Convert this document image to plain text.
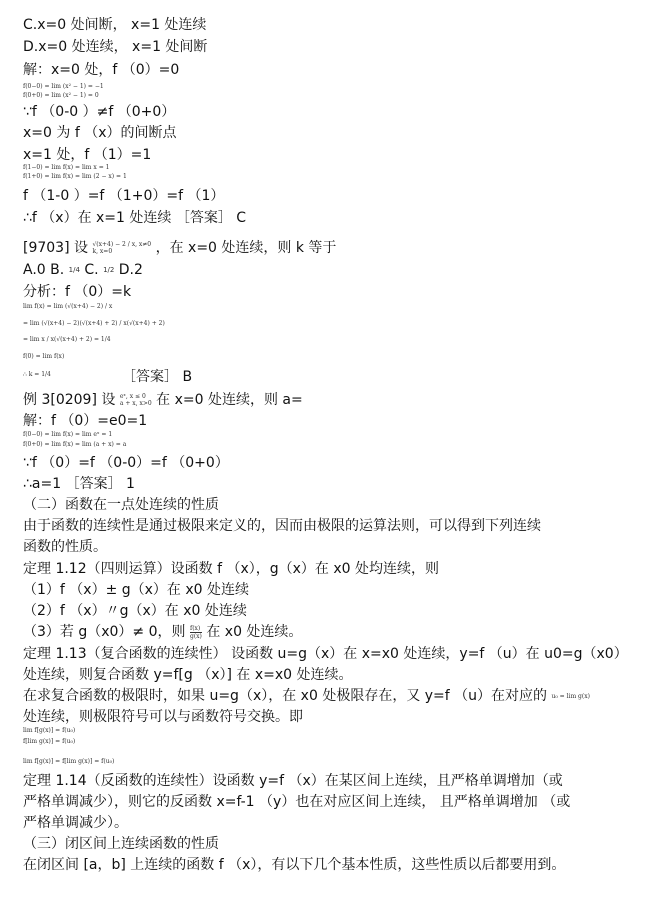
C.x=0 处间断， x=1 处连续
D.x=0 处连续， x=1 处间断
解：x=0 处，f （0）=0
f(0−0) = lim (x² − 1) = −1
f(0+0) = lim (x² − 1) = 0
∵f （0-0 ）≠f （0+0）
x=0 为 f （x）的间断点
x=1 处，f （1）=1
f(1−0) = lim f(x) = lim x = 1
f(1+0) = lim f(x) = lim (2 − x) = 1
f （1-0 ）=f （1+0）=f （1）
∴f （x）在 x=1 处连续 ［答案］ C
[9703] 设 √(x+4) − 2 / x, x≠0
k, x=0	，在 x=0 处连续，则 k 等于
A.0 B. 1/4 C. 1/2 D.2
分析：f （0）=k
lim f(x) = lim (√(x+4) − 2) / x
= lim (√(x+4) − 2)(√(x+4) + 2) / x(√(x+4) + 2)
= lim x / x(√(x+4) + 2) = 1/4
f(0) = lim f(x)
∴ k = 1/4	［答案］ B
例 3[0209] 设 eˣ, x ≤ 0
a + x, x>0 在 x=0 处连续，则 a=
解：f （0）=e0=1
f(0−0) = lim f(x) = lim eˣ = 1
f(0+0) = lim f(x) = lim (a + x) = a
∵f （0）=f （0-0）=f （0+0）
∴a=1 ［答案］ 1
（二）函数在一点处连续的性质
由于函数的连续性是通过极限来定义的，因而由极限的运算法则，可以得到下列连续
函数的性质。
定理 1.12（四则运算）设函数 f （x），g（x）在 x0 处均连续，则
（1）f （x）± g（x）在 x0 处连续
（2）f （x）〃g（x）在 x0 处连续
（3）若 g（x0）≠ 0，则 $\frac{f(x)}{g(x)}$ 在 x0 处连续。
定理 1.13（复合函数的连续性） 设函数 u=g（x）在 x=x0 处连续，y=f （u）在 u0=g（x0）
处连续，则复合函数 y=f[g （x）] 在 x=x0 处连续。
在求复合函数的极限时，如果 u=g（x），在 x0 处极限存在，又 y=f （u）在对应的 u₀ = lim g(x)
处连续，则极限符号可以与函数符号交换。即
lim f[g(x)] = f(u₀)
f[lim g(x)] = f(u₀)
lim f[g(x)] = f[lim g(x)] = f(u₀)
定理 1.14（反函数的连续性）设函数 y=f （x）在某区间上连续，且严格单调增加（或
严格单调减少），则它的反函数 x=f-1 （y）也在对应区间上连续， 且严格单调增加 （或
严格单调减少）。
（三）闭区间上连续函数的性质
在闭区间 [a，b] 上连续的函数 f （x），有以下几个基本性质，这些性质以后都要用到。
